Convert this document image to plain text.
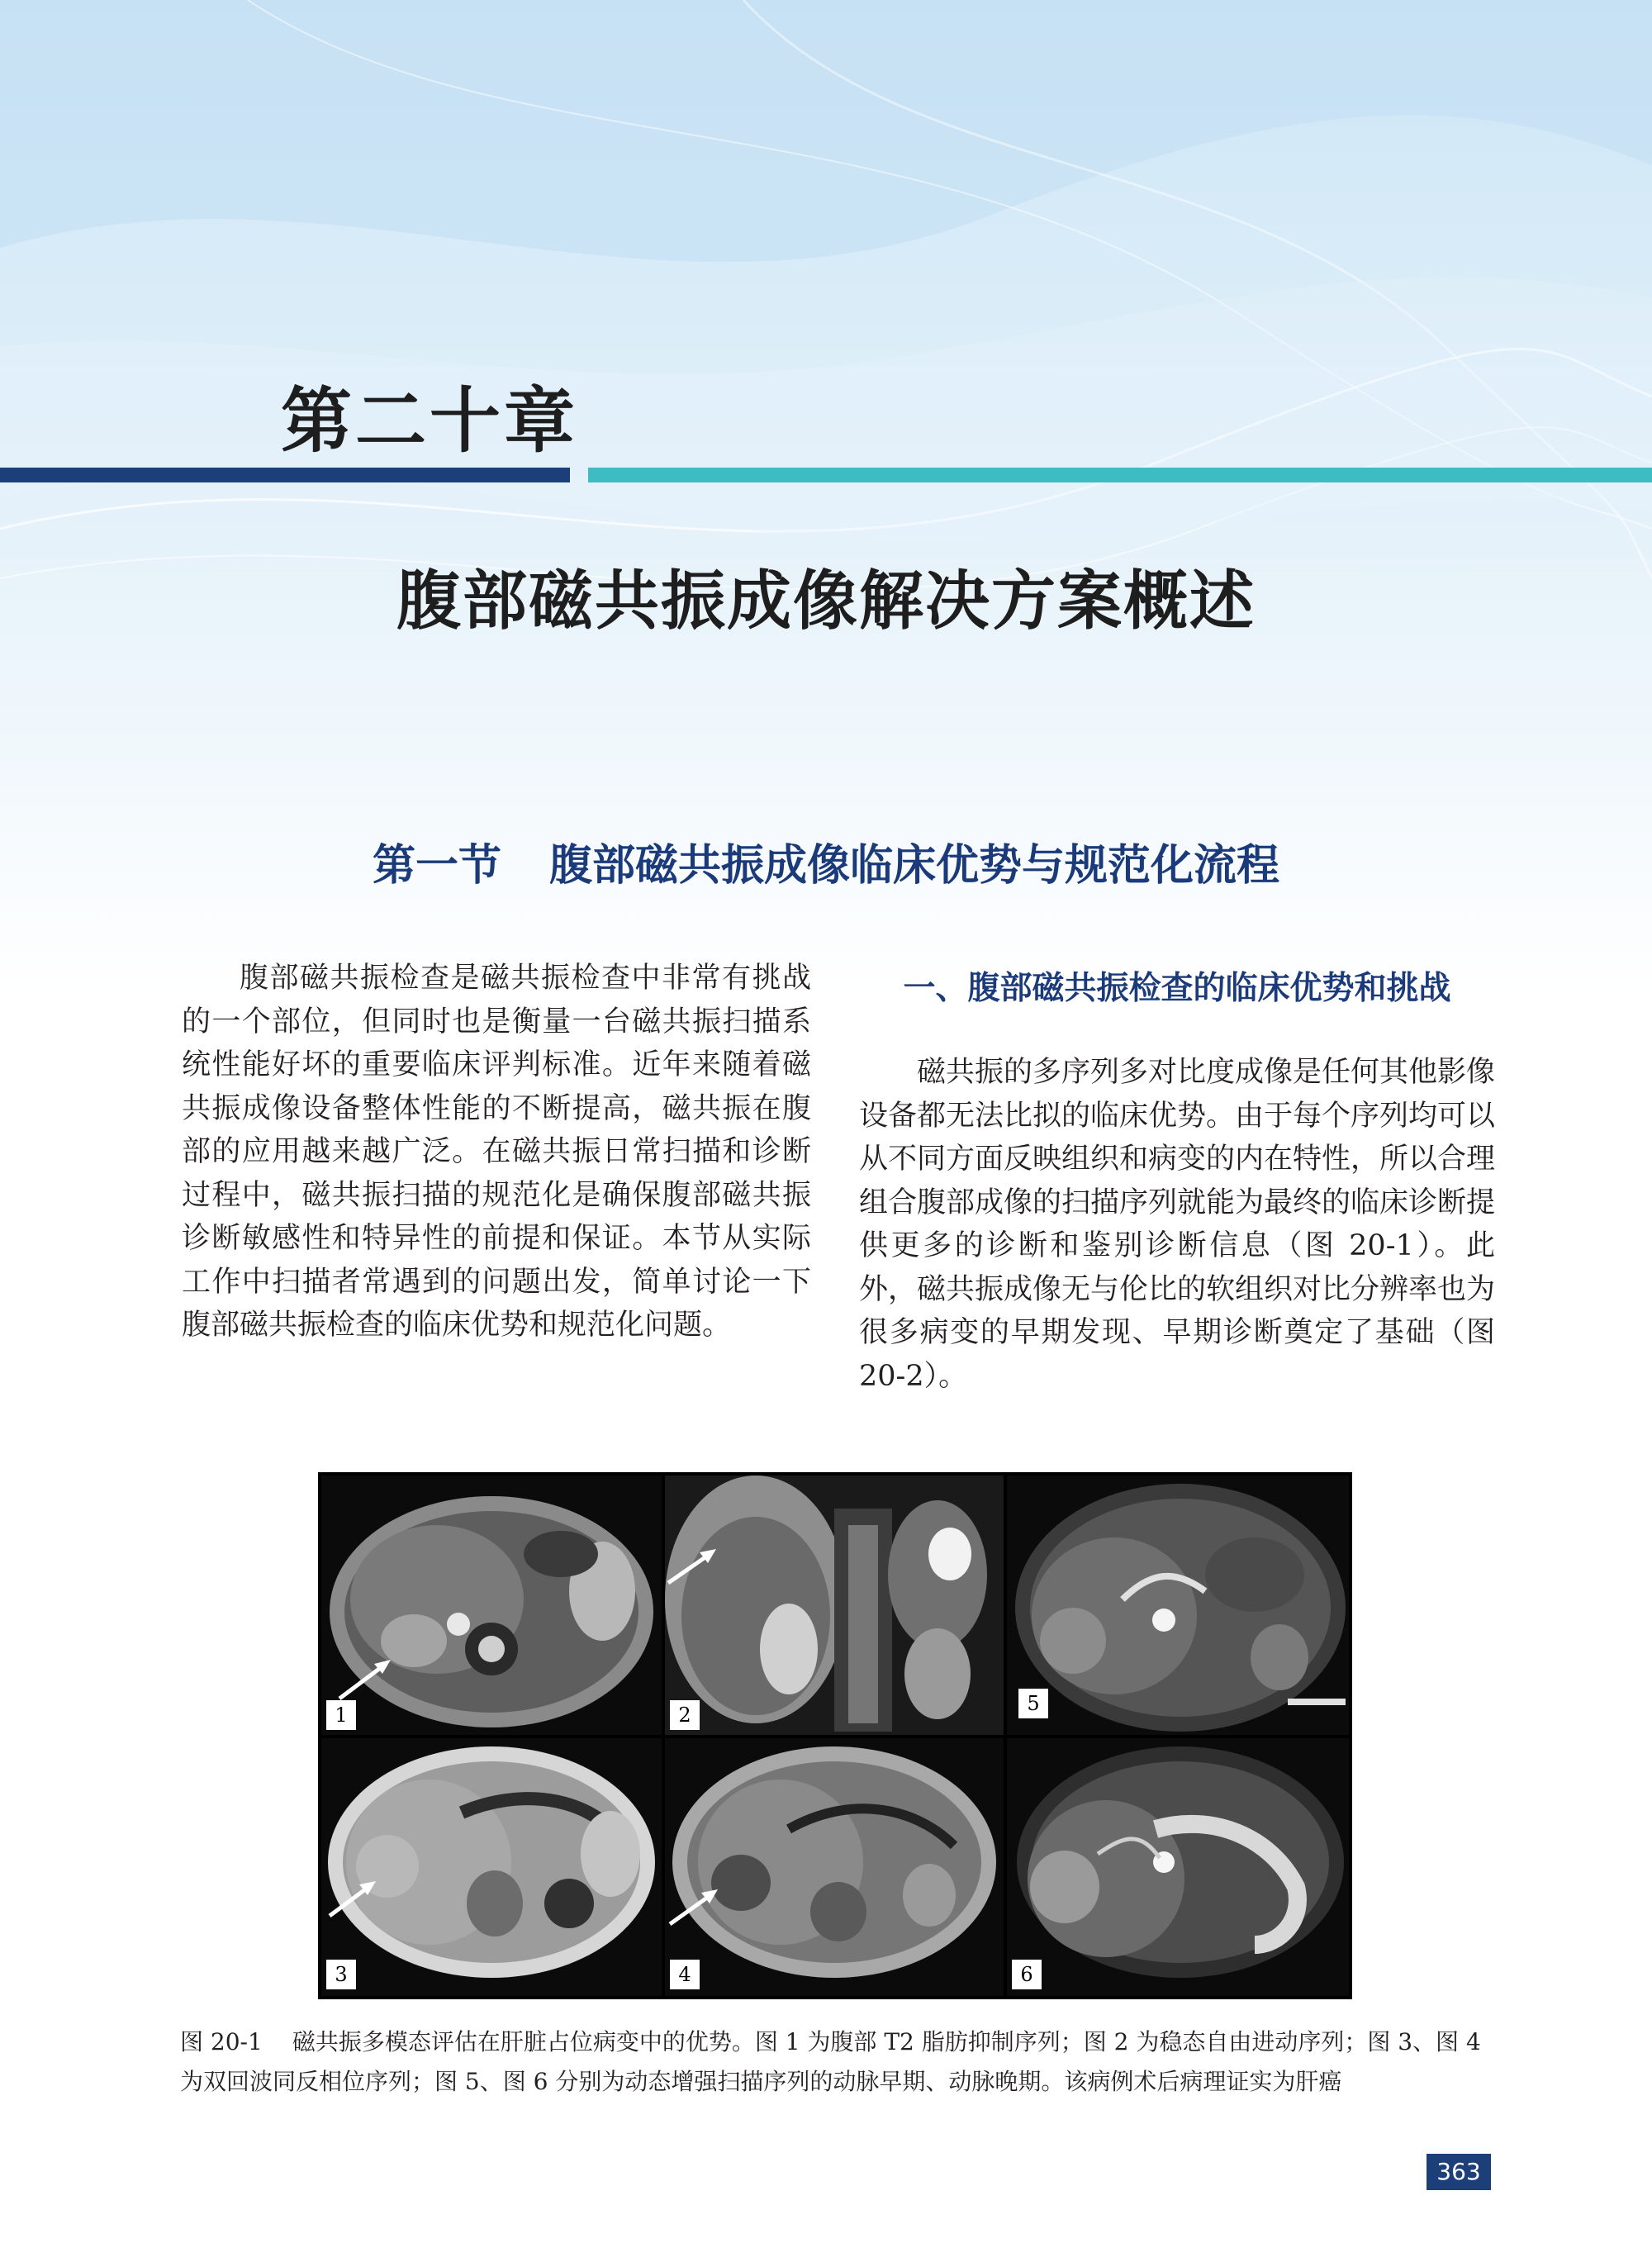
第二十章
腹部磁共振成像解决方案概述
第一节 腹部磁共振成像临床优势与规范化流程

腹部磁共振检查是磁共振检查中非常有挑战的一个部位，但同时也是衡量一台磁共振扫描系统性能好坏的重要临床评判标准。近年来随着磁共振成像设备整体性能的不断提高，磁共振在腹部的应用越来越广泛。在磁共振日常扫描和诊断过程中，磁共振扫描的规范化是确保腹部磁共振诊断敏感性和特异性的前提和保证。本节从实际工作中扫描者常遇到的问题出发，简单讨论一下腹部磁共振检查的临床优势和规范化问题。

一、腹部磁共振检查的临床优势和挑战

磁共振的多序列多对比度成像是任何其他影像设备都无法比拟的临床优势。由于每个序列均可以从不同方面反映组织和病变的内在特性，所以合理组合腹部成像的扫描序列就能为最终的临床诊断提供更多的诊断和鉴别诊断信息（图 20-1）。此外，磁共振成像无与伦比的软组织对比分辨率也为很多病变的早期发现、早期诊断奠定了基础（图 20-2）。

1	2	5
3	4	6
图 20-1 磁共振多模态评估在肝脏占位病变中的优势。图 1 为腹部 T2 脂肪抑制序列；图 2 为稳态自由进动序列；图 3、图 4 为双回波同反相位序列；图 5、图 6 分别为动态增强扫描序列的动脉早期、动脉晚期。该病例术后病理证实为肝癌
363
